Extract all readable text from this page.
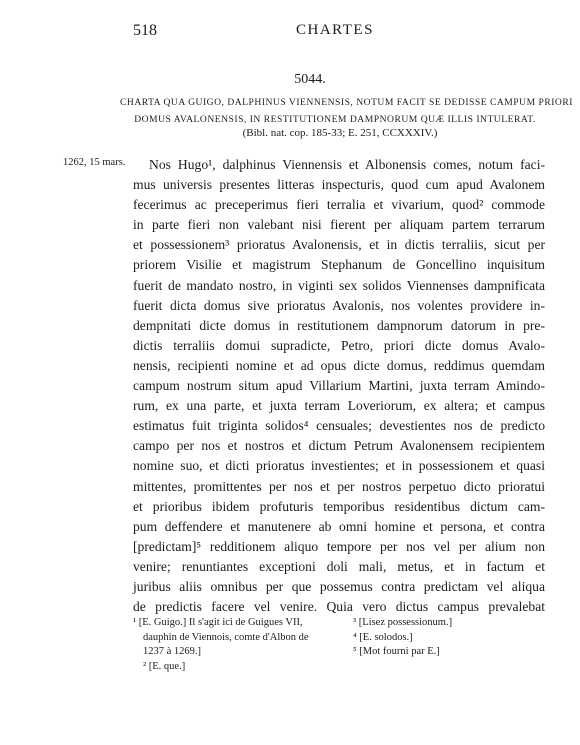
518	CHARTES
5044.
CHARTA QUA GUIGO, DALPHINUS VIENNENSIS, NOTUM FACIT SE DEDISSE CAMPUM PRIORI
DOMUS AVALONENSIS, IN RESTITUTIONEM DAMPNORUM QUÆ ILLIS INTULERAT.
(Bibl. nat. cop. 185-33; E. 251, CCXXXIV.)
1262, 15 mars.	Nos Hugo¹, dalphinus Viennensis et Albonensis comes, notum faci-
mus universis presentes litteras inspecturis, quod cum apud Avalonem
fecerimus ac preceperimus fieri terralia et vivarium, quod² commode
in parte fieri non valebant nisi fierent per aliquam partem terrarum
et possessionem³ prioratus Avalonensis, et in dictis terraliis, sicut per
priorem Visilie et magistrum Stephanum de Goncellino inquisitum
fuerit de mandato nostro, in viginti sex solidos Viennenses dampnificata
fuerit dicta domus sive prioratus Avalonis, nos volentes providere in-
dempnitati dicte domus in restitutionem dampnorum datorum in pre-
dictis terraliis domui supradicte, Petro, priori dicte domus Avalo-
nensis, recipienti nomine et ad opus dicte domus, reddimus quemdam
campum nostrum situm apud Villarium Martini, juxta terram Amindo-
rum, ex una parte, et juxta terram Loveriorum, ex altera; et campus
estimatus fuit triginta solidos⁴ censuales; devestientes nos de predicto
campo per nos et nostros et dictum Petrum Avalonensem recipientem
nomine suo, et dicti prioratus investientes; et in possessionem et quasi
mittentes, promittentes per nos et per nostros perpetuo dicto prioratui
et prioribus ibidem profuturis temporibus residentibus dictum cam-
pum deffendere et manutenere ab omni homine et persona, et contra
[predictam]⁵ redditionem aliquo tempore per nos vel per alium non
venire; renuntiantes exceptioni doli mali, metus, et in factum et
juribus aliis omnibus per que possemus contra predictam vel aliqua
de predictis facere vel venire. Quia vero dictus campus prevalebat
¹ [E. Guigo.] Il s'agit ici de Guigues VII,
dauphin de Viennois, comte d'Albon de
1237 à 1269.]
² [E. que.]
³ [Lisez possessionum.]
⁴ [E. solodos.]
⁵ [Mot fourni par E.]
